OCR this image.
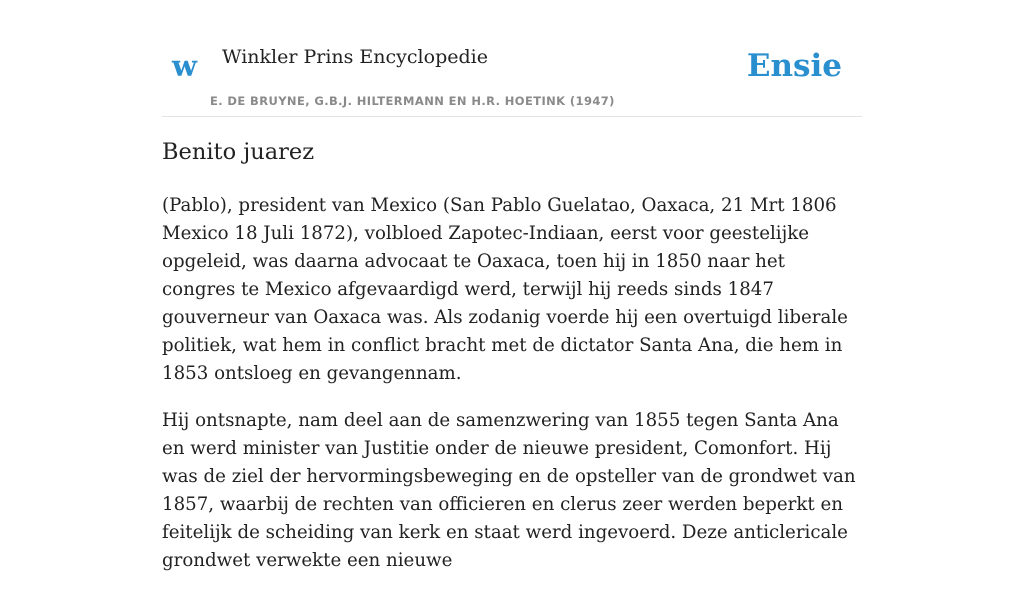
w Winkler Prins Encyclopedie
E. DE BRUYNE, G.B.J. HILTERMANN EN H.R. HOETINK (1947)
Ensie
Benito juarez

(Pablo), president van Mexico (San Pablo Guelatao, Oaxaca, 21 Mrt 1806 Mexico 18 Juli 1872), volbloed Zapotec-Indiaan, eerst voor geestelijke opgeleid, was daarna advocaat te Oaxaca, toen hij in 1850 naar het congres te Mexico afgevaardigd werd, terwijl hij reeds sinds 1847 gouverneur van Oaxaca was. Als zodanig voerde hij een overtuigd liberale politiek, wat hem in conflict bracht met de dictator Santa Ana, die hem in 1853 ontsloeg en gevangennam.

Hij ontsnapte, nam deel aan de samenzwering van 1855 tegen Santa Ana en werd minister van Justitie onder de nieuwe president, Comonfort. Hij was de ziel der hervormingsbeweging en de opsteller van de grondwet van 1857, waarbij de rechten van officieren en clerus zeer werden beperkt en feitelijk de scheiding van kerk en staat werd ingevoerd. Deze anticlericale grondwet verwekte een nieuwe
